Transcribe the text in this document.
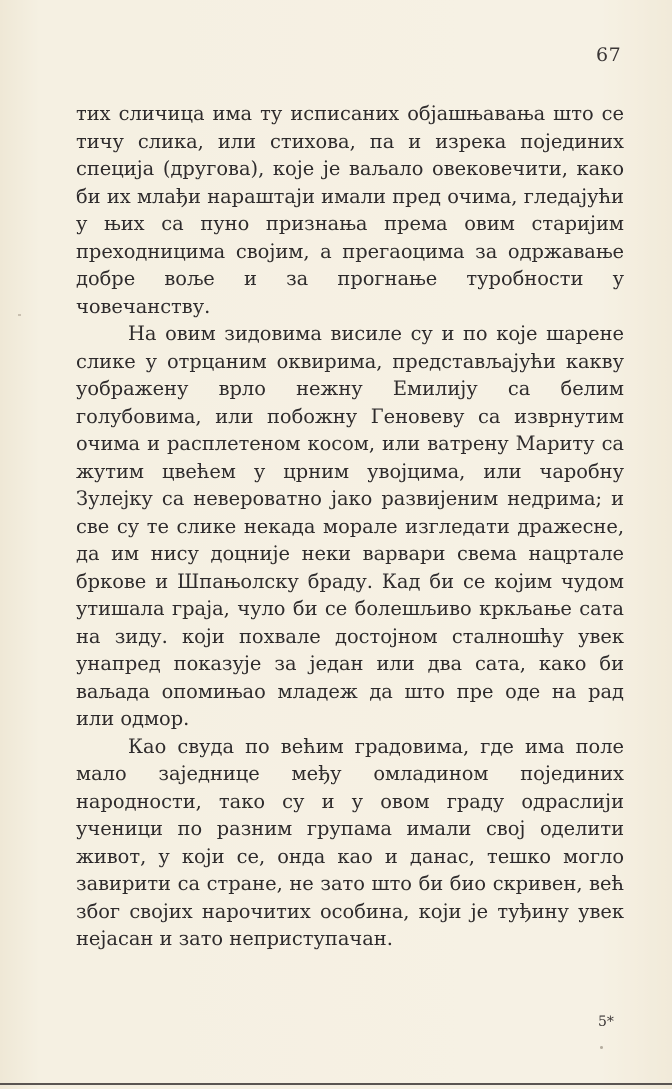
67

тих сличица има ту исписаних објашњавања што се тичу слика, или стихова, па и изрека појединих специја (другова), које је ваљало овековечити, како би их млађи нараштаји имали пред очима, гледајући у њих са пуно признања према овим старијим преходницима својим, а прегаоцима за одржавање добре воље и за прогнање туробности у човечанству.

На овим зидовима висиле су и по које шарене слике у отрцаним оквирима, представљајући какву уображену врло нежну Емилију са белим голубовима, или побожну Геновеву са изврнутим очима и расплетеном косом, или ватрену Мариту са жутим цвећем у црним увојцима, или чаробну Зулејку са невероватно јако развијеним недрима; и све су те слике некада морале изгледати дражесне, да им нису доцније неки варвари свема нацртале бркове и Шпањолску браду. Кад би се којим чудом утишала граја, чуло би се болешљиво кркљање сата на зиду. који похвале достојном сталношћу увек унапред показује за један или два сата, како би ваљада опомињао младеж да што пре оде на рад или одмор.

Као свуда по већим градовима, где има поле мало заједнице међу омладином појединих народности, тако су и у овом граду одраслији ученици по разним групама имали свој оделити живот, у који се, онда као и данас, тешко могло завирити са стране, не зато што би био скривен, већ због својих нарочитих особина, који је туђину увек нејасан и зато неприступачан.

5*
